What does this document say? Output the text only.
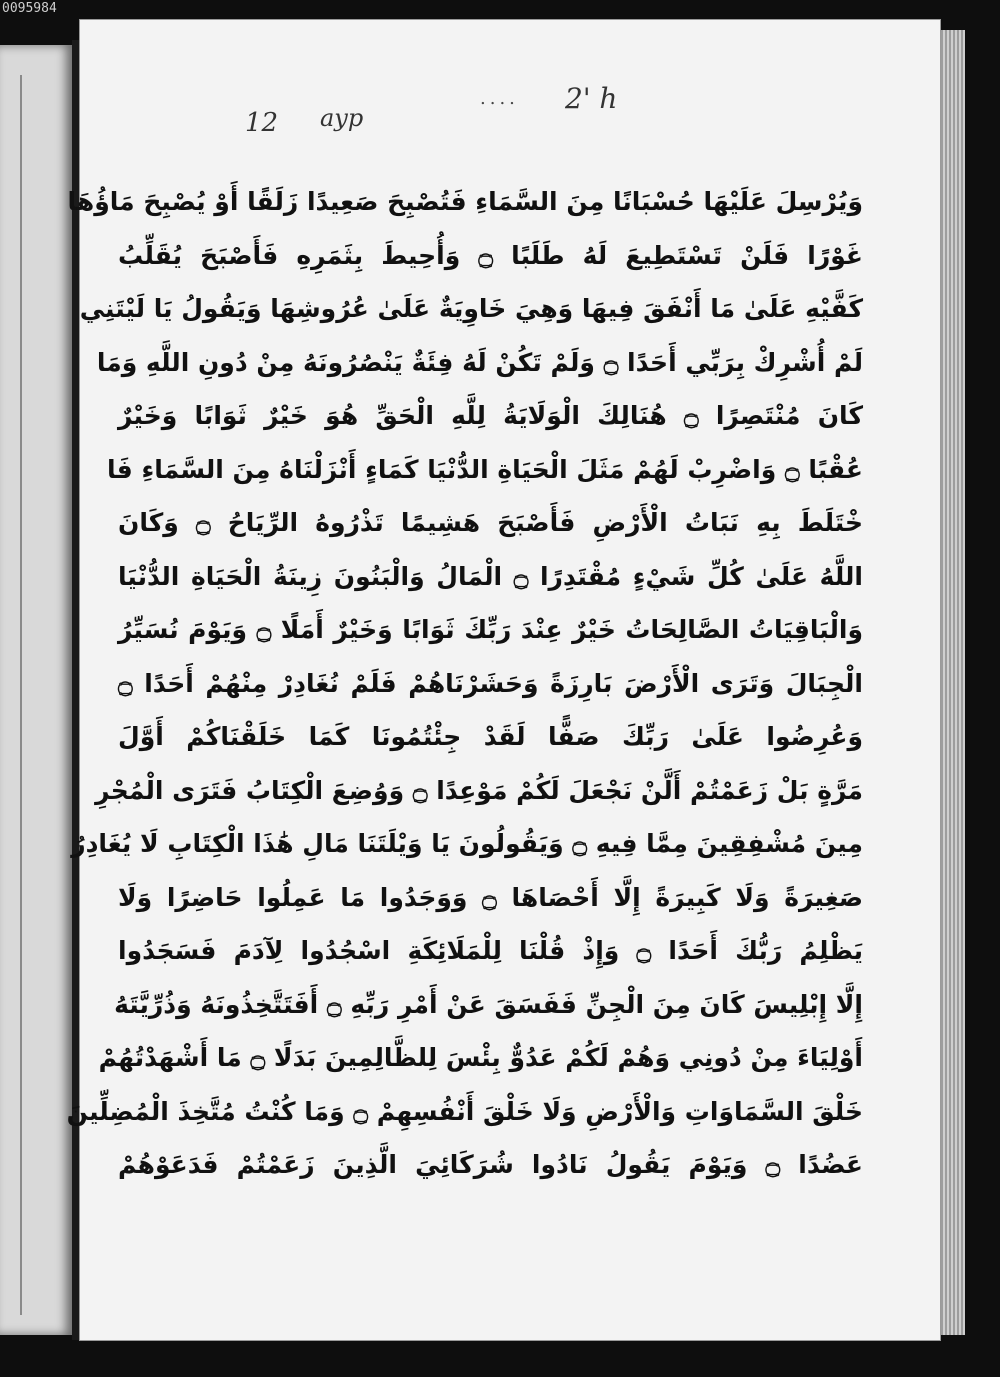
0095984
12 ayp
.... 2' h
وَيُرْسِلَ عَلَيْهَا حُسْبَانًا مِنَ السَّمَاءِ فَتُصْبِحَ صَعِيدًا زَلَقًا أَوْ يُصْبِحَ مَاؤُهَا
غَوْرًا فَلَنْ تَسْتَطِيعَ لَهُ طَلَبًا ۝ وَأُحِيطَ بِثَمَرِهِ فَأَصْبَحَ يُقَلِّبُ
كَفَّيْهِ عَلَىٰ مَا أَنْفَقَ فِيهَا وَهِيَ خَاوِيَةٌ عَلَىٰ عُرُوشِهَا وَيَقُولُ يَا لَيْتَنِي
لَمْ أُشْرِكْ بِرَبِّي أَحَدًا ۝ وَلَمْ تَكُنْ لَهُ فِئَةٌ يَنْصُرُونَهُ مِنْ دُونِ اللَّهِ وَمَا
كَانَ مُنْتَصِرًا ۝ هُنَالِكَ الْوَلَايَةُ لِلَّهِ الْحَقِّ هُوَ خَيْرٌ ثَوَابًا وَخَيْرٌ
عُقْبًا ۝ وَاضْرِبْ لَهُمْ مَثَلَ الْحَيَاةِ الدُّنْيَا كَمَاءٍ أَنْزَلْنَاهُ مِنَ السَّمَاءِ فَا
خْتَلَطَ بِهِ نَبَاتُ الْأَرْضِ فَأَصْبَحَ هَشِيمًا تَذْرُوهُ الرِّيَاحُ ۝ وَكَانَ
اللَّهُ عَلَىٰ كُلِّ شَيْءٍ مُقْتَدِرًا ۝ الْمَالُ وَالْبَنُونَ زِينَةُ الْحَيَاةِ الدُّنْيَا
وَالْبَاقِيَاتُ الصَّالِحَاتُ خَيْرٌ عِنْدَ رَبِّكَ ثَوَابًا وَخَيْرٌ أَمَلًا ۝ وَيَوْمَ نُسَيِّرُ
الْجِبَالَ وَتَرَى الْأَرْضَ بَارِزَةً وَحَشَرْنَاهُمْ فَلَمْ نُغَادِرْ مِنْهُمْ أَحَدًا ۝
وَعُرِضُوا عَلَىٰ رَبِّكَ صَفًّا لَقَدْ جِئْتُمُونَا كَمَا خَلَقْنَاكُمْ أَوَّلَ
مَرَّةٍ بَلْ زَعَمْتُمْ أَلَّنْ نَجْعَلَ لَكُمْ مَوْعِدًا ۝ وَوُضِعَ الْكِتَابُ فَتَرَى الْمُجْرِ
مِينَ مُشْفِقِينَ مِمَّا فِيهِ ۝ وَيَقُولُونَ يَا وَيْلَتَنَا مَالِ هَٰذَا الْكِتَابِ لَا يُغَادِرُ
صَغِيرَةً وَلَا كَبِيرَةً إِلَّا أَحْصَاهَا ۝ وَوَجَدُوا مَا عَمِلُوا حَاضِرًا وَلَا
يَظْلِمُ رَبُّكَ أَحَدًا ۝ وَإِذْ قُلْنَا لِلْمَلَائِكَةِ اسْجُدُوا لِآدَمَ فَسَجَدُوا
إِلَّا إِبْلِيسَ كَانَ مِنَ الْجِنِّ فَفَسَقَ عَنْ أَمْرِ رَبِّهِ ۝ أَفَتَتَّخِذُونَهُ وَذُرِّيَّتَهُ
أَوْلِيَاءَ مِنْ دُونِي وَهُمْ لَكُمْ عَدُوٌّ بِئْسَ لِلظَّالِمِينَ بَدَلًا ۝ مَا أَشْهَدْتُهُمْ
خَلْقَ السَّمَاوَاتِ وَالْأَرْضِ وَلَا خَلْقَ أَنْفُسِهِمْ ۝ وَمَا كُنْتُ مُتَّخِذَ الْمُضِلِّينَ
عَضُدًا ۝ وَيَوْمَ يَقُولُ نَادُوا شُرَكَائِيَ الَّذِينَ زَعَمْتُمْ فَدَعَوْهُمْ
